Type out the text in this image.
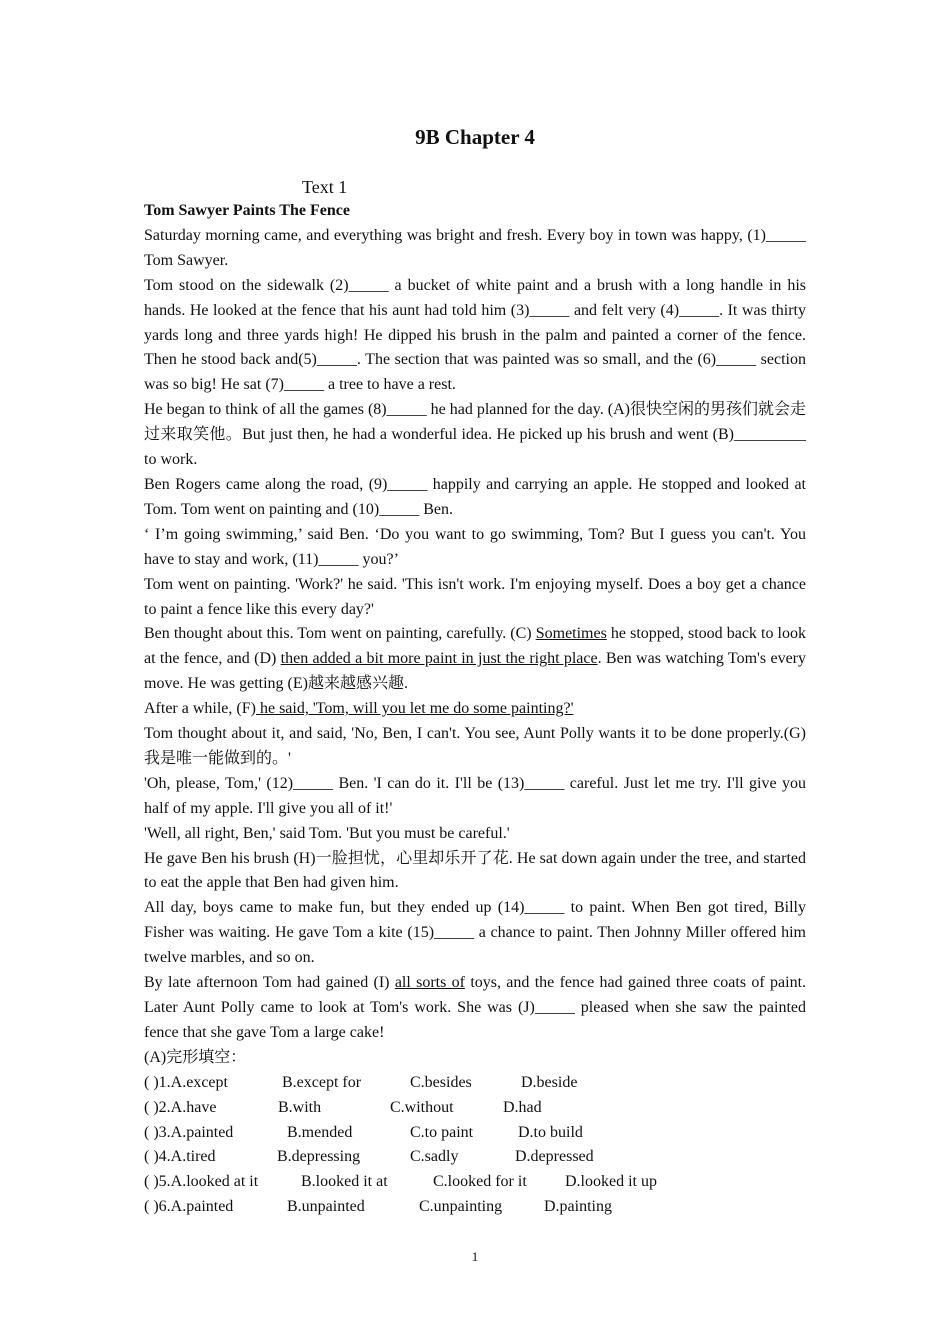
9B Chapter 4
Text 1

Tom Sawyer Paints The Fence

Saturday morning came, and everything was bright and fresh. Every boy in town was happy, (1)_____ Tom Sawyer.

Tom stood on the sidewalk (2)_____ a bucket of white paint and a brush with a long handle in his hands. He looked at the fence that his aunt had told him (3)_____ and felt very (4)_____. It was thirty yards long and three yards high! He dipped his brush in the palm and painted a corner of the fence. Then he stood back and(5)_____. The section that was painted was so small, and the (6)_____ section was so big! He sat (7)_____ a tree to have a rest.

He began to think of all the games (8)_____ he had planned for the day. (A)很快空闲的男孩们就会走过来取笑他。But just then, he had a wonderful idea. He picked up his brush and went (B)_________ to work.

Ben Rogers came along the road, (9)_____ happily and carrying an apple. He stopped and looked at Tom. Tom went on painting and (10)_____ Ben.

‘ I’m going swimming,’ said Ben. ‘Do you want to go swimming, Tom? But I guess you can't. You have to stay and work, (11)_____ you?’

Tom went on painting. 'Work?' he said. 'This isn't work. I'm enjoying myself. Does a boy get a chance to paint a fence like this every day?'

Ben thought about this. Tom went on painting, carefully. (C) Sometimes he stopped, stood back to look at the fence, and (D) then added a bit more paint in just the right place. Ben was watching Tom's every move. He was getting (E)越来越感兴趣.

After a while, (F) he said, 'Tom, will you let me do some painting?'

Tom thought about it, and said, 'No, Ben, I can't. You see, Aunt Polly wants it to be done properly.(G)我是唯一能做到的。'

'Oh, please, Tom,' (12)_____ Ben. 'I can do it. I'll be (13)_____ careful. Just let me try. I'll give you half of my apple. I'll give you all of it!'

'Well, all right, Ben,' said Tom. 'But you must be careful.'

He gave Ben his brush (H)一脸担忧，心里却乐开了花. He sat down again under the tree, and started to eat the apple that Ben had given him.

All day, boys came to make fun, but they ended up (14)_____ to paint. When Ben got tired, Billy Fisher was waiting. He gave Tom a kite (15)_____ a chance to paint. Then Johnny Miller offered him twelve marbles, and so on.

By late afternoon Tom had gained (I) all sorts of toys, and the fence had gained three coats of paint. Later Aunt Polly came to look at Tom's work. She was (J)_____ pleased when she saw the painted fence that she gave Tom a large cake!

(A)完形填空：

( )1.A.except	B.except for	C.besides	D.beside
( )2.A.have	B.with	C.without	D.had
( )3.A.painted	B.mended	C.to paint	D.to build
( )4.A.tired	B.depressing	C.sadly	D.depressed
( )5.A.looked at it	B.looked it at	C.looked for it D.looked it up
( )6.A.painted	B.unpainted	C.unpainting	D.painting
1
